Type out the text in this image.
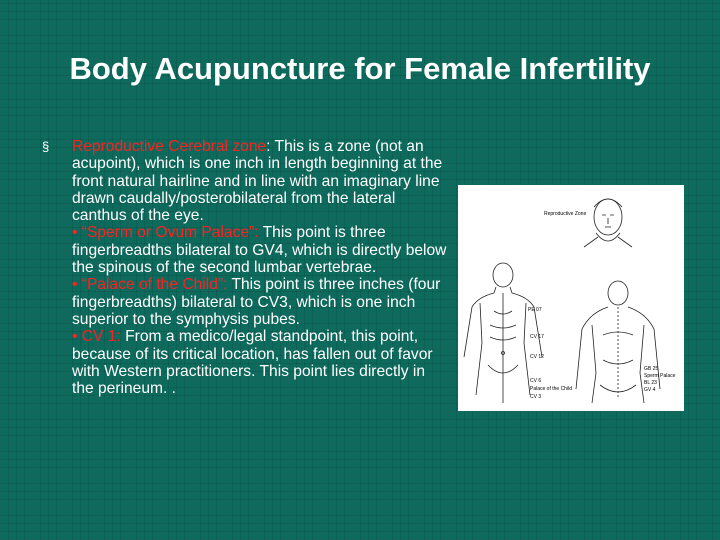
Body Acupuncture for Female Infertility
§	Reproductive Cerebral zone: This is a zone (not an acupoint), which is one inch in length beginning at the front natural hairline and in line with an imaginary line drawn caudally/posterobilateral from the lateral canthus of the eye.
• “Sperm or Ovum Palace”: This point is three fingerbreadths bilateral to GV4, which is directly below the spinous of the second lumbar vertebrae.
• “Palace of the Child”: This point is three inches (four fingerbreadths) bilateral to CV3, which is one inch superior to the symphysis pubes.
• CV 1: From a medico/legal standpoint, this point, because of its critical location, has fallen out of favor with Western practitioners. This point lies directly in the perineum. .
Reproductive Zone
PE 07
CV 17
CV 12
CV 6
Palace of the Child
CV 3
GB 25
Sperm Palace
BL 23
GV 4
